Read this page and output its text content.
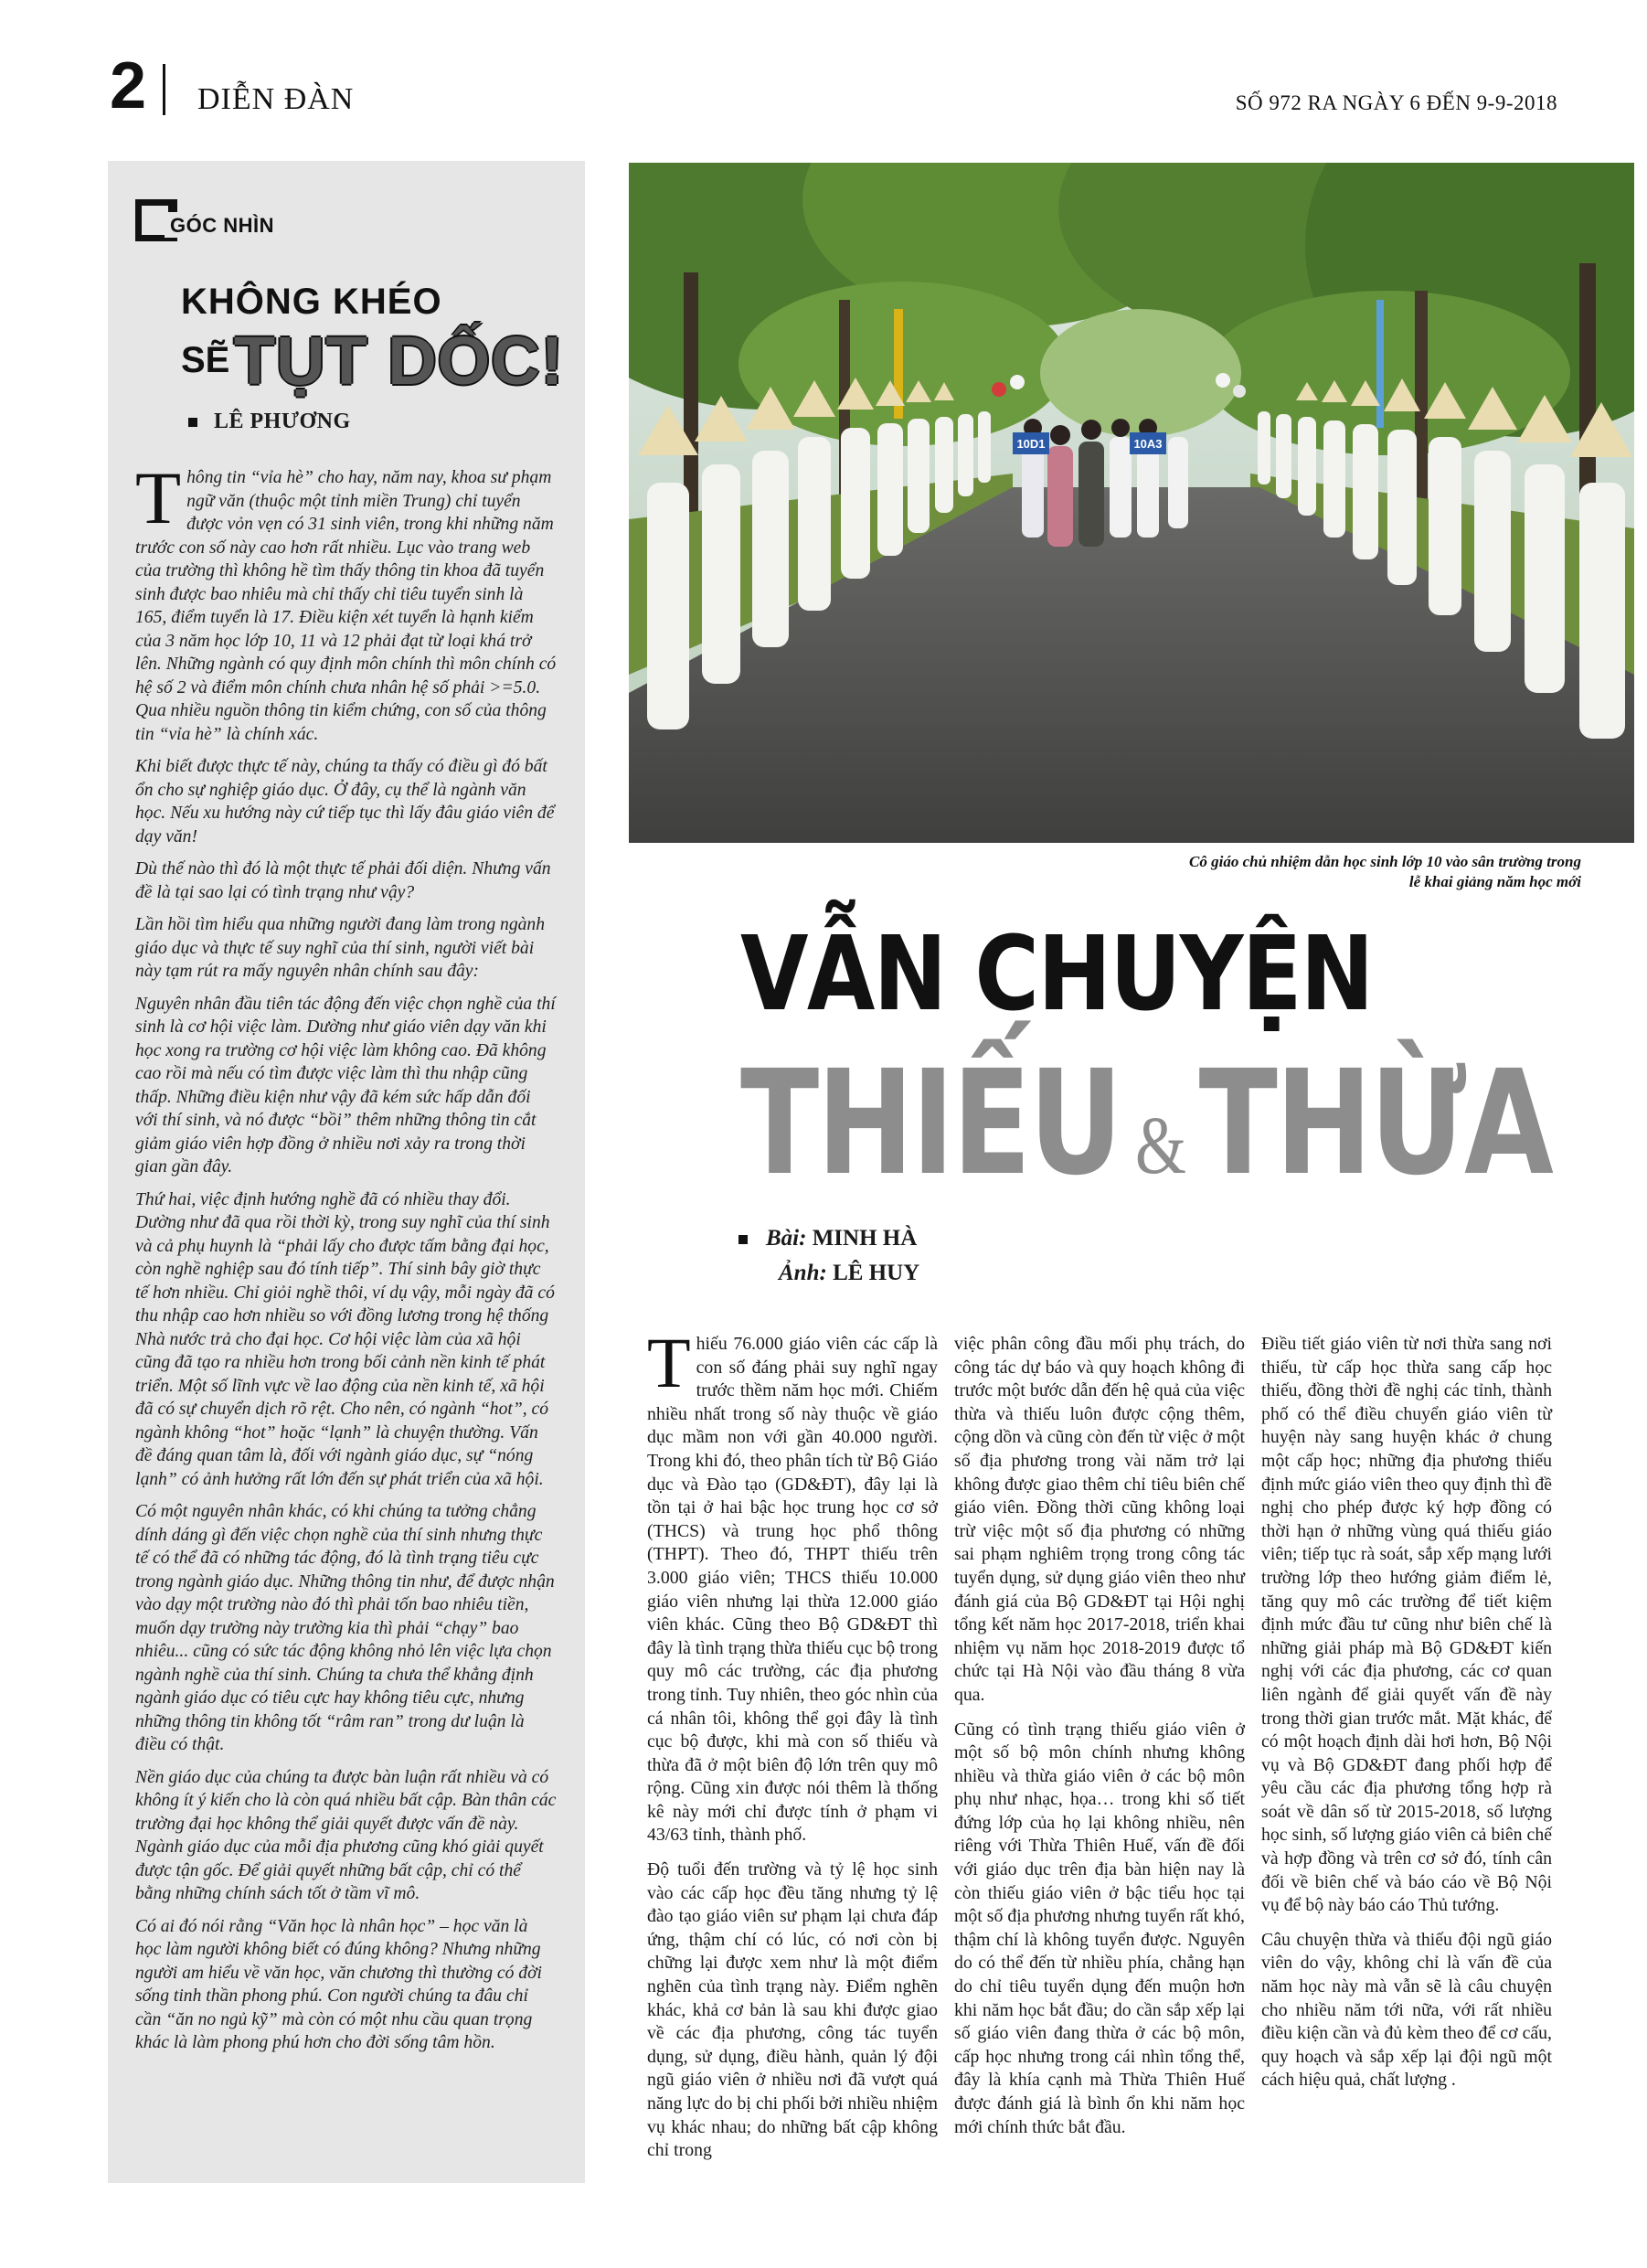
2 DIỄN ĐÀN	SỐ 972 RA NGÀY 6 ĐẾN 9-9-2018
GÓC NHÌN
KHÔNG KHÉO
SẼ TỤT DỐC!
LÊ PHƯƠNG

Thông tin “vỉa hè” cho hay, năm nay, khoa sư phạm ngữ văn (thuộc một tỉnh miền Trung) chỉ tuyển được vỏn vẹn có 31 sinh viên, trong khi những năm trước con số này cao hơn rất nhiều. Lục vào trang web của trường thì không hề tìm thấy thông tin khoa đã tuyển sinh được bao nhiêu mà chỉ thấy chỉ tiêu tuyển sinh là 165, điểm tuyển là 17. Điều kiện xét tuyển là hạnh kiểm của 3 năm học lớp 10, 11 và 12 phải đạt từ loại khá trở lên. Những ngành có quy định môn chính thì môn chính có hệ số 2 và điểm môn chính chưa nhân hệ số phải >=5.0. Qua nhiều nguồn thông tin kiểm chứng, con số của thông tin “vỉa hè” là chính xác.

Khi biết được thực tế này, chúng ta thấy có điều gì đó bất ổn cho sự nghiệp giáo dục. Ở đây, cụ thể là ngành văn học. Nếu xu hướng này cứ tiếp tục thì lấy đâu giáo viên để dạy văn!

Dù thế nào thì đó là một thực tế phải đối diện. Nhưng vấn đề là tại sao lại có tình trạng như vậy?

Lần hồi tìm hiểu qua những người đang làm trong ngành giáo dục và thực tế suy nghĩ của thí sinh, người viết bài này tạm rút ra mấy nguyên nhân chính sau đây:

Nguyên nhân đầu tiên tác động đến việc chọn nghề của thí sinh là cơ hội việc làm. Dường như giáo viên dạy văn khi học xong ra trường cơ hội việc làm không cao. Đã không cao rồi mà nếu có tìm được việc làm thì thu nhập cũng thấp. Những điều kiện như vậy đã kém sức hấp dẫn đối với thí sinh, và nó được “bồi” thêm những thông tin cắt giảm giáo viên hợp đồng ở nhiều nơi xảy ra trong thời gian gần đây.

Thứ hai, việc định hướng nghề đã có nhiều thay đổi. Dường như đã qua rồi thời kỳ, trong suy nghĩ của thí sinh và cả phụ huynh là “phải lấy cho được tấm bằng đại học, còn nghề nghiệp sau đó tính tiếp”. Thí sinh bây giờ thực tế hơn nhiều. Chỉ giỏi nghề thôi, ví dụ vậy, mỗi ngày đã có thu nhập cao hơn nhiều so với đồng lương trong hệ thống Nhà nước trả cho đại học. Cơ hội việc làm của xã hội cũng đã tạo ra nhiều hơn trong bối cảnh nền kinh tế phát triển. Một số lĩnh vực về lao động của nền kinh tế, xã hội đã có sự chuyển dịch rõ rệt. Cho nên, có ngành “hot”, có ngành không “hot” hoặc “lạnh” là chuyện thường. Vấn đề đáng quan tâm là, đối với ngành giáo dục, sự “nóng lạnh” có ảnh hưởng rất lớn đến sự phát triển của xã hội.

Có một nguyên nhân khác, có khi chúng ta tưởng chẳng dính dáng gì đến việc chọn nghề của thí sinh nhưng thực tế có thể đã có những tác động, đó là tình trạng tiêu cực trong ngành giáo dục. Những thông tin như, để được nhận vào dạy một trường nào đó thì phải tốn bao nhiêu tiền, muốn dạy trường này trường kia thì phải “chạy” bao nhiêu... cũng có sức tác động không nhỏ lên việc lựa chọn ngành nghề của thí sinh. Chúng ta chưa thể khẳng định ngành giáo dục có tiêu cực hay không tiêu cực, nhưng những thông tin không tốt “râm ran” trong dư luận là điều có thật.

Nền giáo dục của chúng ta được bàn luận rất nhiều và có không ít ý kiến cho là còn quá nhiều bất cập. Bàn thân các trường đại học không thể giải quyết được vấn đề này. Ngành giáo dục của mỗi địa phương cũng khó giải quyết được tận gốc. Để giải quyết những bất cập, chỉ có thể bằng những chính sách tốt ở tầm vĩ mô.

Có ai đó nói rằng “Văn học là nhân học” – học văn là học làm người không biết có đúng không? Nhưng những người am hiểu về văn học, văn chương thì thường có đời sống tinh thần phong phú. Con người chúng ta đâu chỉ cần “ăn no ngủ kỹ” mà còn có một nhu cầu quan trọng khác là làm phong phú hơn cho đời sống tâm hồn.

10D1	10A3
Cô giáo chủ nhiệm dẫn học sinh lớp 10 vào sân trường trong lễ khai giảng năm học mới
VẪN CHUYỆN
THIẾU & THỪA
Bài: MINH HÀ
Ảnh: LÊ HUY

Thiếu 76.000 giáo viên các cấp là con số đáng phải suy nghĩ ngay trước thềm năm học mới. Chiếm nhiều nhất trong số này thuộc về giáo dục mầm non với gần 40.000 người. Trong khi đó, theo phân tích từ Bộ Giáo dục và Đào tạo (GD&ĐT), đây lại là tồn tại ở hai bậc học trung học cơ sở (THCS) và trung học phổ thông (THPT). Theo đó, THPT thiếu trên 3.000 giáo viên; THCS thiếu 10.000 giáo viên nhưng lại thừa 12.000 giáo viên khác. Cũng theo Bộ GD&ĐT thì đây là tình trạng thừa thiếu cục bộ trong quy mô các trường, các địa phương trong tỉnh. Tuy nhiên, theo góc nhìn của cá nhân tôi, không thể gọi đây là tình cục bộ được, khi mà con số thiếu và thừa đã ở một biên độ lớn trên quy mô rộng. Cũng xin được nói thêm là thống kê này mới chỉ được tính ở phạm vi 43/63 tỉnh, thành phố.

Độ tuổi đến trường và tỷ lệ học sinh vào các cấp học đều tăng nhưng tỷ lệ đào tạo giáo viên sư phạm lại chưa đáp ứng, thậm chí có lúc, có nơi còn bị chững lại được xem như là một điểm nghẽn của tình trạng này. Điểm nghẽn khác, khả cơ bản là sau khi được giao về các địa phương, công tác tuyển dụng, sử dụng, điều hành, quản lý đội ngũ giáo viên ở nhiều nơi đã vượt quá năng lực do bị chi phối bởi nhiều nhiệm vụ khác nhau; do những bất cập không chỉ trong

việc phân công đầu mối phụ trách, do công tác dự báo và quy hoạch không đi trước một bước dẫn đến hệ quả của việc thừa và thiếu luôn được cộng thêm, cộng dồn và cũng còn đến từ việc ở một số địa phương trong vài năm trở lại không được giao thêm chỉ tiêu biên chế giáo viên. Đồng thời cũng không loại trừ việc một số địa phương có những sai phạm nghiêm trọng trong công tác tuyển dụng, sử dụng giáo viên theo như đánh giá của Bộ GD&ĐT tại Hội nghị tổng kết năm học 2017-2018, triển khai nhiệm vụ năm học 2018-2019 được tổ chức tại Hà Nội vào đầu tháng 8 vừa qua.

Cũng có tình trạng thiếu giáo viên ở một số bộ môn chính nhưng không nhiều và thừa giáo viên ở các bộ môn phụ như nhạc, họa… trong khi số tiết đứng lớp của họ lại không nhiều, nên riêng với Thừa Thiên Huế, vấn đề đối với giáo dục trên địa bàn hiện nay là còn thiếu giáo viên ở bậc tiểu học tại một số địa phương nhưng tuyển rất khó, thậm chí là không tuyển được. Nguyên do có thể đến từ nhiều phía, chẳng hạn do chỉ tiêu tuyển dụng đến muộn hơn khi năm học bắt đầu; do cần sắp xếp lại số giáo viên đang thừa ở các bộ môn, cấp học nhưng trong cái nhìn tổng thể, đây là khía cạnh mà Thừa Thiên Huế được đánh giá là bình ổn khi năm học mới chính thức bắt đầu.

Điều tiết giáo viên từ nơi thừa sang nơi thiếu, từ cấp học thừa sang cấp học thiếu, đồng thời đề nghị các tỉnh, thành phố có thể điều chuyển giáo viên từ huyện này sang huyện khác ở chung một cấp học; những địa phương thiếu định mức giáo viên theo quy định thì đề nghị cho phép được ký hợp đồng có thời hạn ở những vùng quá thiếu giáo viên; tiếp tục rà soát, sắp xếp mạng lưới trường lớp theo hướng giảm điểm lẻ, tăng quy mô các trường để tiết kiệm định mức đầu tư cũng như biên chế là những giải pháp mà Bộ GD&ĐT kiến nghị với các địa phương, các cơ quan liên ngành để giải quyết vấn đề này trong thời gian trước mắt. Mặt khác, để có một hoạch định dài hơi hơn, Bộ Nội vụ và Bộ GD&ĐT đang phối hợp để yêu cầu các địa phương tổng hợp rà soát về dân số từ 2015-2018, số lượng học sinh, số lượng giáo viên cả biên chế và hợp đồng và trên cơ sở đó, tính cân đối về biên chế và báo cáo về Bộ Nội vụ để bộ này báo cáo Thủ tướng.

Câu chuyện thừa và thiếu đội ngũ giáo viên do vậy, không chỉ là vấn đề của năm học này mà vẫn sẽ là câu chuyện cho nhiều năm tới nữa, với rất nhiều điều kiện cần và đủ kèm theo để cơ cấu, quy hoạch và sắp xếp lại đội ngũ một cách hiệu quả, chất lượng .
